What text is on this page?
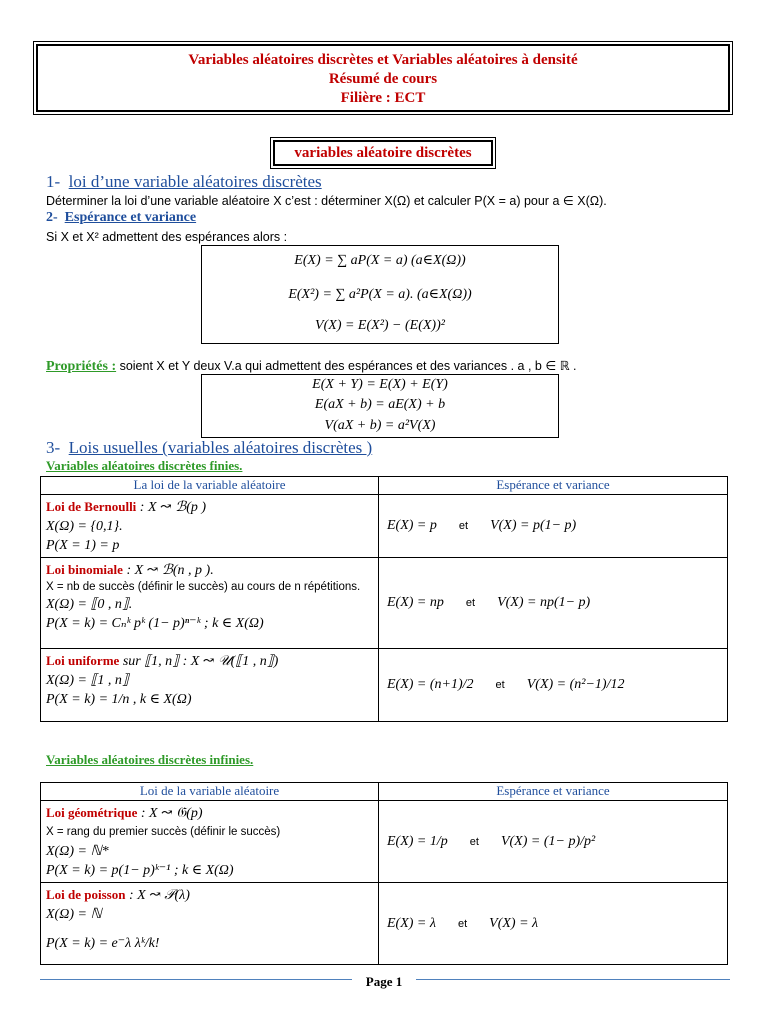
Variables aléatoires discrètes et Variables aléatoires à densité
Résumé de cours
Filière : ECT
variables aléatoire discrètes
1- loi d’une variable aléatoires discrètes
Déterminer la loi d’une variable aléatoire X c’est : déterminer X(Ω) et calculer P(X = a) pour a ∈ X(Ω).
2- Espérance et variance
Si X et X² admettent des espérances alors :
E(X) = ∑ aP(X = a) (a∈X(Ω))
E(X²) = ∑ a²P(X = a). (a∈X(Ω))
V(X) = E(X²) − (E(X))²
Propriétés : soient X et Y deux V.a qui admettent des espérances et des variances . a , b ∈ ℝ .
E(X + Y) = E(X) + E(Y)
E(aX + b) = aE(X) + b
V(aX + b) = a²V(X)
3- Lois usuelles (variables aléatoires discrètes )
Variables aléatoires discrètes finies.
La loi de la variable aléatoire	Espérance et variance

Loi de Bernoulli : X ↝ ℬ(p )
X(Ω) = {0,1}.
P(X = 1) = p	E(X) = p et V(X) = p(1− p)

Loi binomiale : X ↝ ℬ(n , p ).
X = nb de succès (définir le succès) au cours de n répétitions.
X(Ω) = ⟦0 , n⟧.
P(X = k) = Cₙᵏ pᵏ (1− p)ⁿ⁻ᵏ ; k ∈ X(Ω)	E(X) = np et V(X) = np(1− p)

Loi uniforme sur ⟦1, n⟧ : X ↝ 𝒰(⟦1 , n⟧)
X(Ω) = ⟦1 , n⟧
P(X = k) = 1/n , k ∈ X(Ω)	E(X) = (n+1)/2 et V(X) = (n²−1)/12
Variables aléatoires discrètes infinies.
Loi de la variable aléatoire	Espérance et variance

Loi géométrique : X ↝ 𝔊(p)
X = rang du premier succès (définir le succès)
X(Ω) = ℕ*
P(X = k) = p(1− p)ᵏ⁻¹ ; k ∈ X(Ω)	E(X) = 1/p et V(X) = (1− p)/p²

Loi de poisson : X ↝ 𝒫(λ)
X(Ω) = ℕ
P(X = k) = e⁻λ λᵏ/k!	E(X) = λ et V(X) = λ
Page 1
